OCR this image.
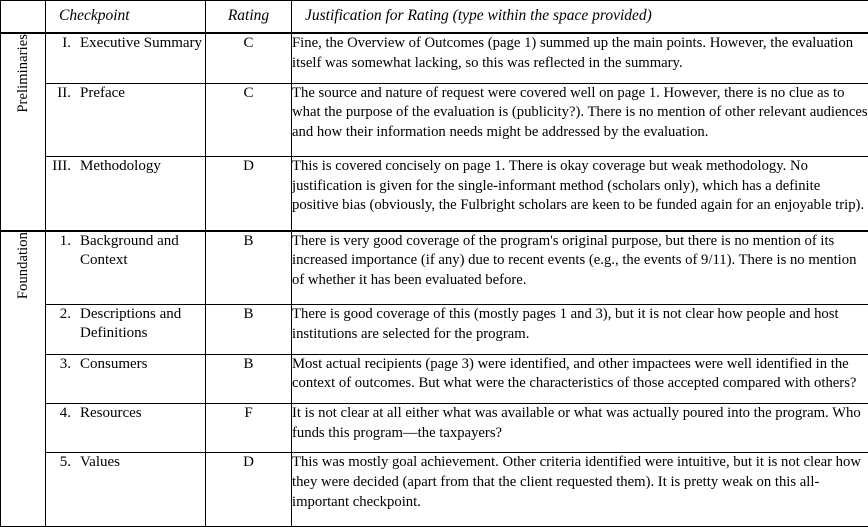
	Checkpoint	Rating	Justification for Rating (type within the space provided)

Preliminaries	I. Executive Summary	C	Fine, the Overview of Outcomes (page 1) summed up the main points. However, the evaluation itself was somewhat lacking, so this was reflected in the summary.

	II. Preface	C	The source and nature of request were covered well on page 1. However, there is no clue as to what the purpose of the evaluation is (publicity?). There is no mention of other relevant audiences and how their information needs might be addressed by the evaluation.

	III. Methodology	D	This is covered concisely on page 1. There is okay coverage but weak methodology. No justification is given for the single-informant method (scholars only), which has a definite positive bias (obviously, the Fulbright scholars are keen to be funded again for an enjoyable trip).
Foundation	1. Background and Context	B	There is very good coverage of the program's original purpose, but there is no mention of its increased importance (if any) due to recent events (e.g., the events of 9/11). There is no mention of whether it has been evaluated before.

	2. Descriptions and Definitions	B	There is good coverage of this (mostly pages 1 and 3), but it is not clear how people and host institutions are selected for the program.

	3. Consumers	B	Most actual recipients (page 3) were identified, and other impactees were well identified in the context of outcomes. But what were the characteristics of those accepted compared with others?

	4. Resources	F	It is not clear at all either what was available or what was actually poured into the program. Who funds this program—the taxpayers?

	5. Values	D	This was mostly goal achievement. Other criteria identified were intuitive, but it is not clear how they were decided (apart from that the client requested them). It is pretty weak on this all-important checkpoint.
